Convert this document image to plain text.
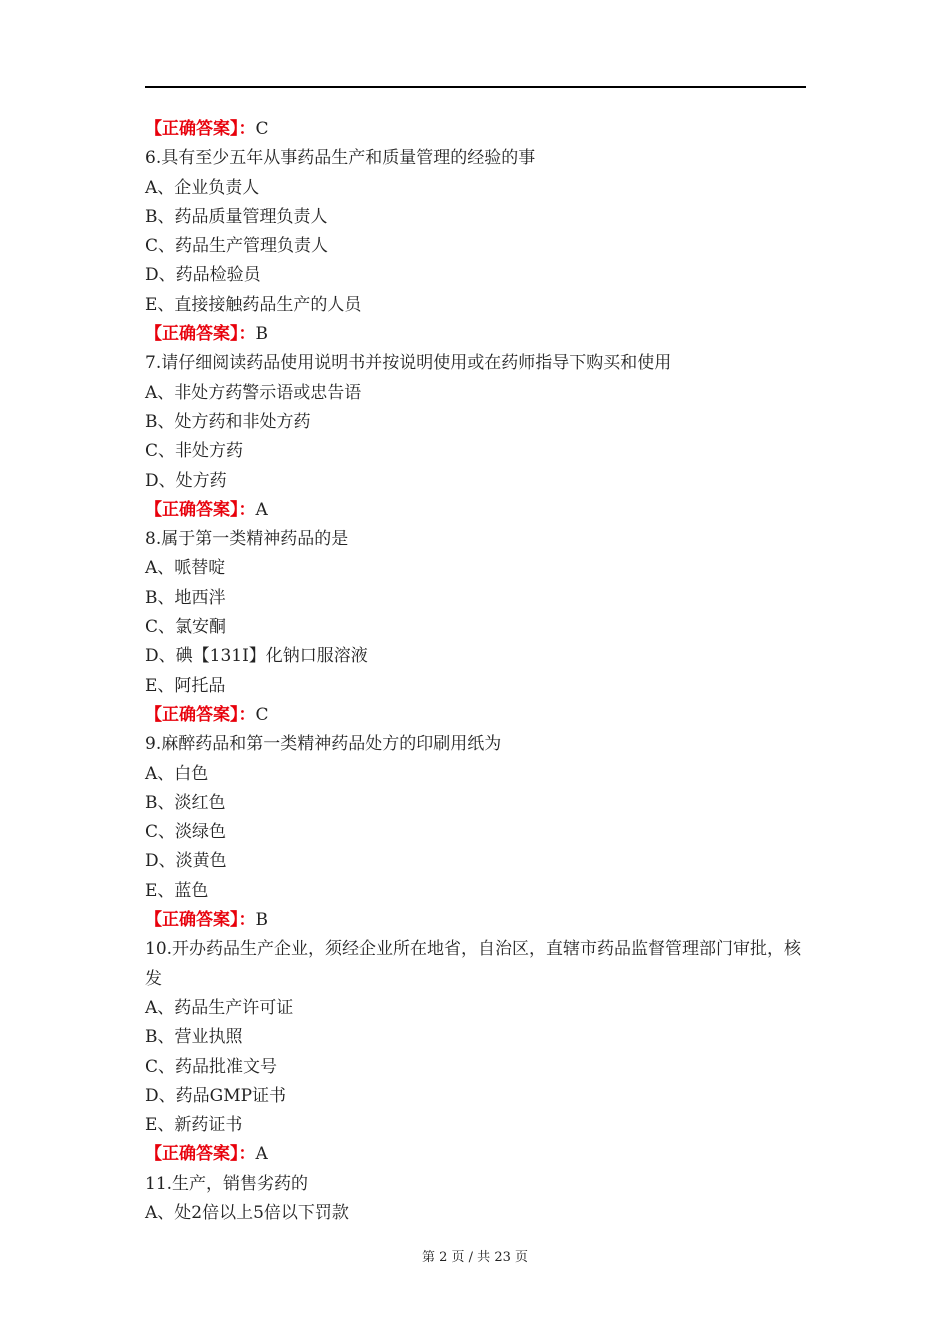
【正确答案】：C
6.具有至少五年从事药品生产和质量管理的经验的事
A、企业负责人
B、药品质量管理负责人
C、药品生产管理负责人
D、药品检验员
E、直接接触药品生产的人员
【正确答案】：B
7.请仔细阅读药品使用说明书并按说明使用或在药师指导下购买和使用
A、非处方药警示语或忠告语
B、处方药和非处方药
C、非处方药
D、处方药
【正确答案】：A
8.属于第一类精神药品的是
A、哌替啶
B、地西泮
C、氯安酮
D、碘【131I】化钠口服溶液
E、阿托品
【正确答案】：C
9.麻醉药品和第一类精神药品处方的印刷用纸为
A、白色
B、淡红色
C、淡绿色
D、淡黄色
E、蓝色
【正确答案】：B
10.开办药品生产企业，须经企业所在地省，自治区，直辖市药品监督管理部门审批，核发
A、药品生产许可证
B、营业执照
C、药品批准文号
D、药品GMP证书
E、新药证书
【正确答案】：A
11.生产，销售劣药的
A、处2倍以上5倍以下罚款
第 2 页 / 共 23 页
